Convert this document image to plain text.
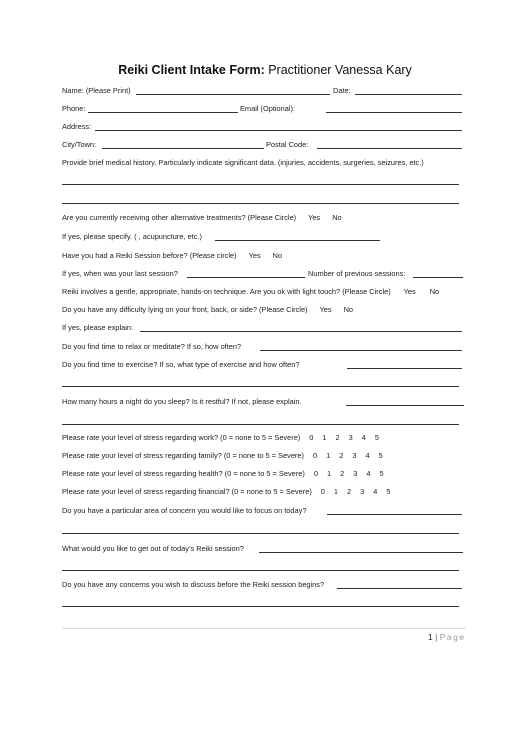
Reiki Client Intake Form: Practitioner Vanessa Kary
Name: (Please Print)	Date:
Phone:	Email (Optional):
Address:
City/Town:	Postal Code:
Provide brief medical history. Particularly indicate significant data. (injuries, accidents, surgeries, seizures, etc.)
Are you currently receiving other alternative treatments? (Please Circle) Yes No
If yes, please specify. ( , acupuncture, etc.)
Have you had a Reiki Session before? (Please circle) Yes No
If yes, when was your last session?	Number of previous sessions:
Reiki involves a gentle, appropriate, hands-on technique. Are you ok with light touch? (Please Circle) Yes No
Do you have any difficulty lying on your front, back, or side? (Please Circle) Yes No
If yes, please explain:
Do you find time to relax or meditate? If so, how often?
Do you find time to exercise? If so, what type of exercise and how often?
How many hours a night do you sleep? Is it restful? If not, please explain.
Please rate your level of stress regarding work? (0 = none to 5 = Severe) 0 1 2 3 4 5
Please rate your level of stress regarding family? (0 = none to 5 = Severe) 0 1 2 3 4 5
Please rate your level of stress regarding health? (0 = none to 5 = Severe) 0 1 2 3 4 5
Please rate your level of stress regarding financial? (0 = none to 5 = Severe) 0 1 2 3 4 5
Do you have a particular area of concern you would like to focus on today?
What would you like to get out of today’s Reiki session?
Do you have any concerns you wish to discuss before the Reiki session begins?
1 | Page
